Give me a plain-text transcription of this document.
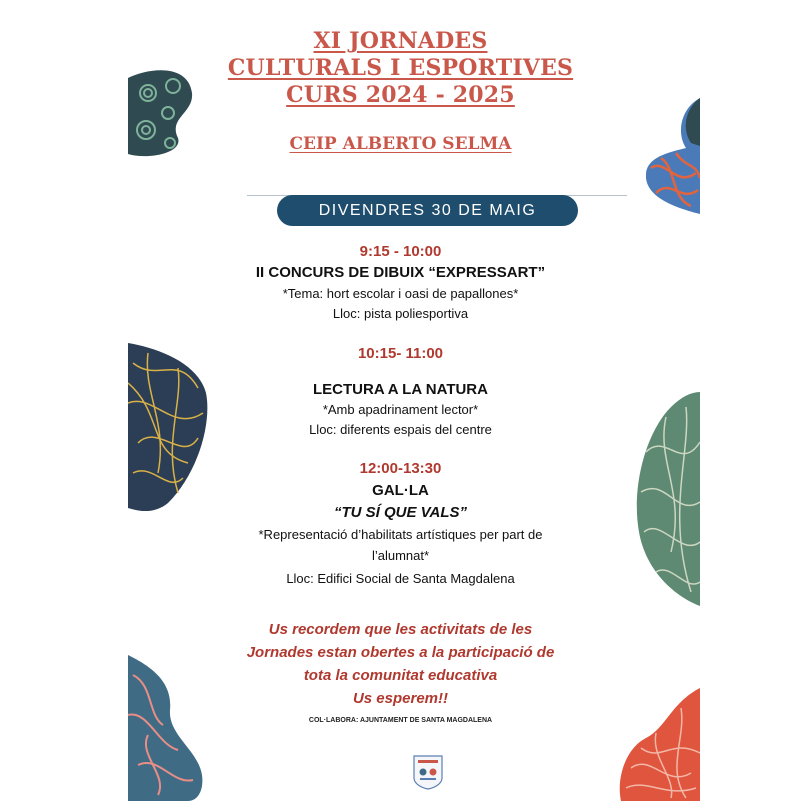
XI JORNADES
CULTURALS I ESPORTIVES
CURS 2024 - 2025
CEIP ALBERTO SELMA
DIVENDRES 30 DE MAIG
9:15 - 10:00
II CONCURS DE DIBUIX “EXPRESSART”
*Tema: hort escolar i oasi de papallones*
Lloc: pista poliesportiva
10:15- 11:00
LECTURA A LA NATURA
*Amb apadrinament lector*
Lloc: diferents espais del centre
12:00-13:30
GAL·LA
“TU SÍ QUE VALS”
*Representació d’habilitats artístiques per part de
l’alumnat*
Lloc: Edifici Social de Santa Magdalena
Us recordem que les activitats de les
Jornades estan obertes a la participació de
tota la comunitat educativa
Us esperem!!
COL·LABORA: AJUNTAMENT DE SANTA MAGDALENA
